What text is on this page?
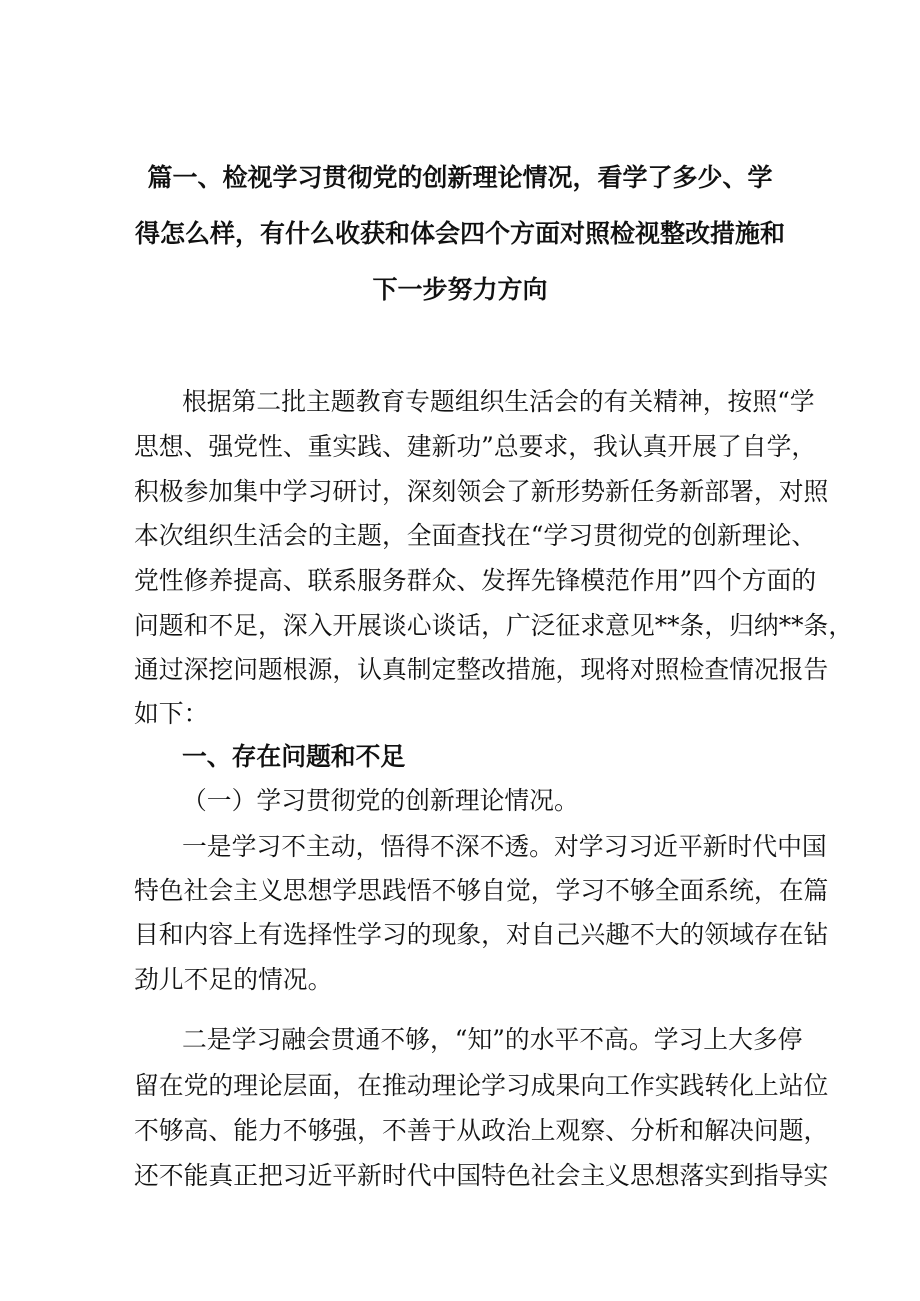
篇一、检视学习贯彻党的创新理论情况，看学了多少、学
得怎么样，有什么收获和体会四个方面对照检视整改措施和
下一步努力方向
根据第二批主题教育专题组织生活会的有关精神，按照“学
思想、强党性、重实践、建新功”总要求，我认真开展了自学，
积极参加集中学习研讨，深刻领会了新形势新任务新部署，对照
本次组织生活会的主题，全面查找在“学习贯彻党的创新理论、
党性修养提高、联系服务群众、发挥先锋模范作用”四个方面的
问题和不足，深入开展谈心谈话，广泛征求意见**条，归纳**条，
通过深挖问题根源，认真制定整改措施，现将对照检查情况报告
如下：
一、存在问题和不足
（一）学习贯彻党的创新理论情况。
一是学习不主动，悟得不深不透。对学习习近平新时代中国
特色社会主义思想学思践悟不够自觉，学习不够全面系统，在篇
目和内容上有选择性学习的现象，对自己兴趣不大的领域存在钻
劲儿不足的情况。
二是学习融会贯通不够，“知”的水平不高。学习上大多停
留在党的理论层面，在推动理论学习成果向工作实践转化上站位
不够高、能力不够强，不善于从政治上观察、分析和解决问题，
还不能真正把习近平新时代中国特色社会主义思想落实到指导实
